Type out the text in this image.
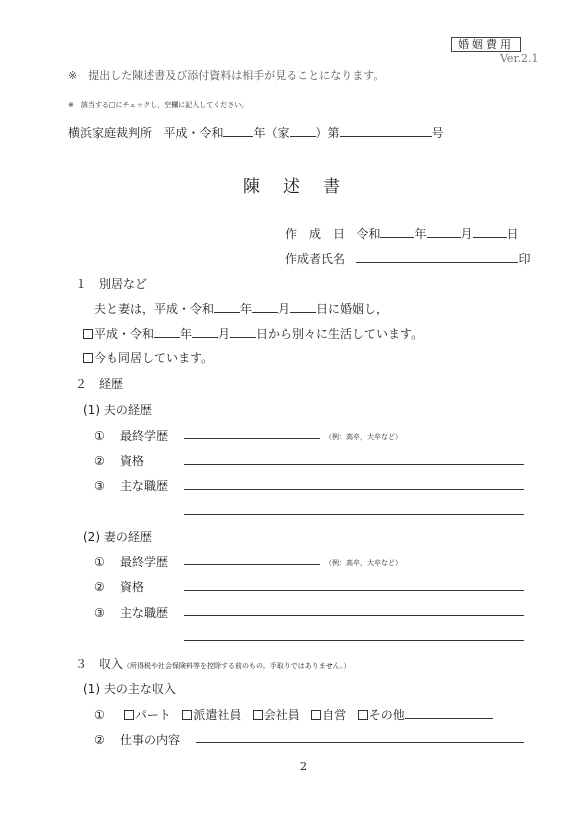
婚姻費用
Ver.2.1
※　提出した陳述書及び添付資料は相手が見ることになります。
※　該当する□にチェックし，空欄に記入してください。
横浜家庭裁判所 平成・令和	年（家 ）第	号
陳　述　書
作　成　日 令和	年	月	日
作成者氏名	印
１　別居など
夫と妻は，平成・令和 年 月 日に婚姻し，
平成・令和 年 月 日から別々に生活しています。
今も同居しています。
２　経歴
(1) 夫の経歴
① 最終学歴	（例：高卒，大卒など）
② 資格
③ 主な職歴
(2) 妻の経歴
① 最終学歴	（例：高卒，大卒など）
② 資格
③ 主な職歴
３　収入（所得税や社会保険料等を控除する前のもの。手取りではありません。）
(1) 夫の主な収入
①	パート 派遣社員 会社員 自営 その他
② 仕事の内容
2
